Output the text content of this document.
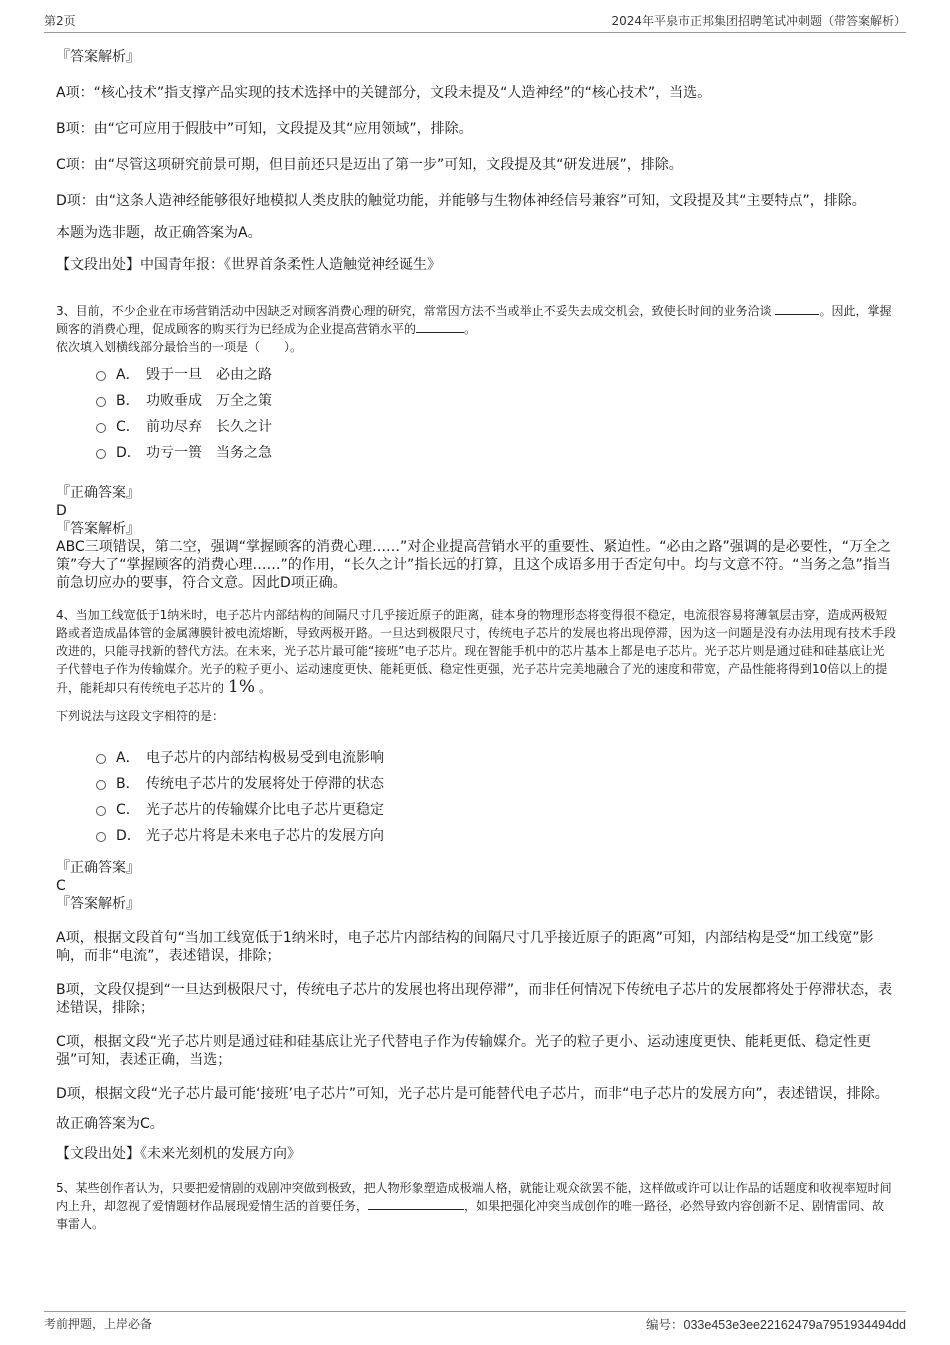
第2页	2024年平泉市正邦集团招聘笔试冲刺题（带答案解析）

『答案解析』

A项：“核心技术”指支撑产品实现的技术选择中的关键部分，文段未提及“人造神经”的“核心技术”，当选。

B项：由“它可应用于假肢中”可知，文段提及其“应用领域”，排除。

C项：由“尽管这项研究前景可期，但目前还只是迈出了第一步”可知，文段提及其“研发进展”，排除。

D项：由“这条人造神经能够很好地模拟人类皮肤的触觉功能，并能够与生物体神经信号兼容”可知，文段提及其“主要特点”，排除。

本题为选非题，故正确答案为A。

【文段出处】中国青年报：《世界首条柔性人造触觉神经诞生》

3、目前，不少企业在市场营销活动中因缺乏对顾客消费心理的研究，常常因方法不当或举止不妥失去成交机会，致使长时间的业务洽谈	。因此，掌握顾客的消费心理，促成顾客的购买行为已经成为企业提高营销水平的	。

依次填入划横线部分最恰当的一项是（　　）。

A． 毁于一旦　必由之路
B． 功败垂成　万全之策
C． 前功尽弃　长久之计
D． 功亏一篑　当务之急

『正确答案』

D

『答案解析』

ABC三项错误，第二空，强调“掌握顾客的消费心理……”对企业提高营销水平的重要性、紧迫性。“必由之路”强调的是必要性，“万全之策”夸大了“掌握顾客的消费心理……”的作用，“长久之计”指长远的打算，且这个成语多用于否定句中。均与文意不符。“当务之急”指当前急切应办的要事，符合文意。因此D项正确。

4、当加工线宽低于1纳米时，电子芯片内部结构的间隔尺寸几乎接近原子的距离，硅本身的物理形态将变得很不稳定，电流很容易将薄氧层击穿，造成两极短路或者造成晶体管的金属薄膜针被电流熔断，导致两极开路。一旦达到极限尺寸，传统电子芯片的发展也将出现停滞，因为这一问题是没有办法用现有技术手段改进的，只能寻找新的替代方法。在未来，光子芯片最可能“接班”电子芯片。现在智能手机中的芯片基本上都是电子芯片。光子芯片则是通过硅和硅基底让光子代替电子作为传输媒介。光子的粒子更小、运动速度更快、能耗更低、稳定性更强，光子芯片完美地融合了光的速度和带宽，产品性能将得到10倍以上的提升，能耗却只有传统电子芯片的 1% 。

下列说法与这段文字相符的是：

A． 电子芯片的内部结构极易受到电流影响
B． 传统电子芯片的发展将处于停滞的状态
C． 光子芯片的传输媒介比电子芯片更稳定
D． 光子芯片将是未来电子芯片的发展方向

『正确答案』

C

『答案解析』

A项，根据文段首句“当加工线宽低于1纳米时，电子芯片内部结构的间隔尺寸几乎接近原子的距离”可知，内部结构是受“加工线宽”影响，而非“电流”，表述错误，排除；

B项，文段仅提到“一旦达到极限尺寸，传统电子芯片的发展也将出现停滞”，而非任何情况下传统电子芯片的发展都将处于停滞状态，表述错误，排除；

C项，根据文段“光子芯片则是通过硅和硅基底让光子代替电子作为传输媒介。光子的粒子更小、运动速度更快、能耗更低、稳定性更强”可知，表述正确，当选；

D项，根据文段“光子芯片最可能‘接班’电子芯片”可知，光子芯片是可能替代电子芯片，而非“电子芯片的发展方向”，表述错误，排除。

故正确答案为C。

【文段出处】《未来光刻机的发展方向》

5、某些创作者认为，只要把爱情剧的戏剧冲突做到极致，把人物形象塑造成极端人格，就能让观众欲罢不能，这样做或许可以让作品的话题度和收视率短时间内上升，却忽视了爱情题材作品展现爱情生活的首要任务，	，如果把强化冲突当成创作的唯一路径，必然导致内容创新不足、剧情雷同、故事雷人。

考前押题，上岸必备	编号：033e453e3ee22162479a7951934494dd
